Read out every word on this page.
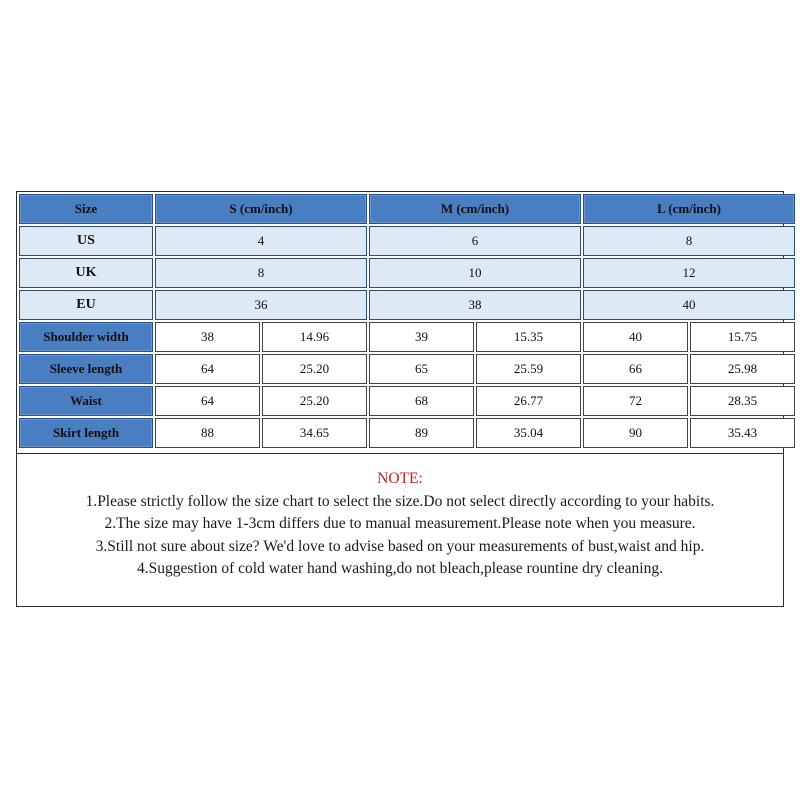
Size	S (cm/inch)		M (cm/inch)		L (cm/inch)	
US	4		6		8	
UK	8		10		12	
EU	36		38		40	
Shoulder width	38	14.96	39	15.35	40	15.75
Sleeve length	64	25.20	65	25.59	66	25.98
Waist	64	25.20	68	26.77	72	28.35
Skirt length	88	34.65	89	35.04	90	35.43
NOTE:
1.Please strictly follow the size chart to select the size.Do not select directly according to your habits.
2.The size may have 1-3cm differs due to manual measurement.Please note when you measure.
3.Still not sure about size? We'd love to advise based on your measurements of bust,waist and hip.
4.Suggestion of cold water hand washing,do not bleach,please rountine dry cleaning.
